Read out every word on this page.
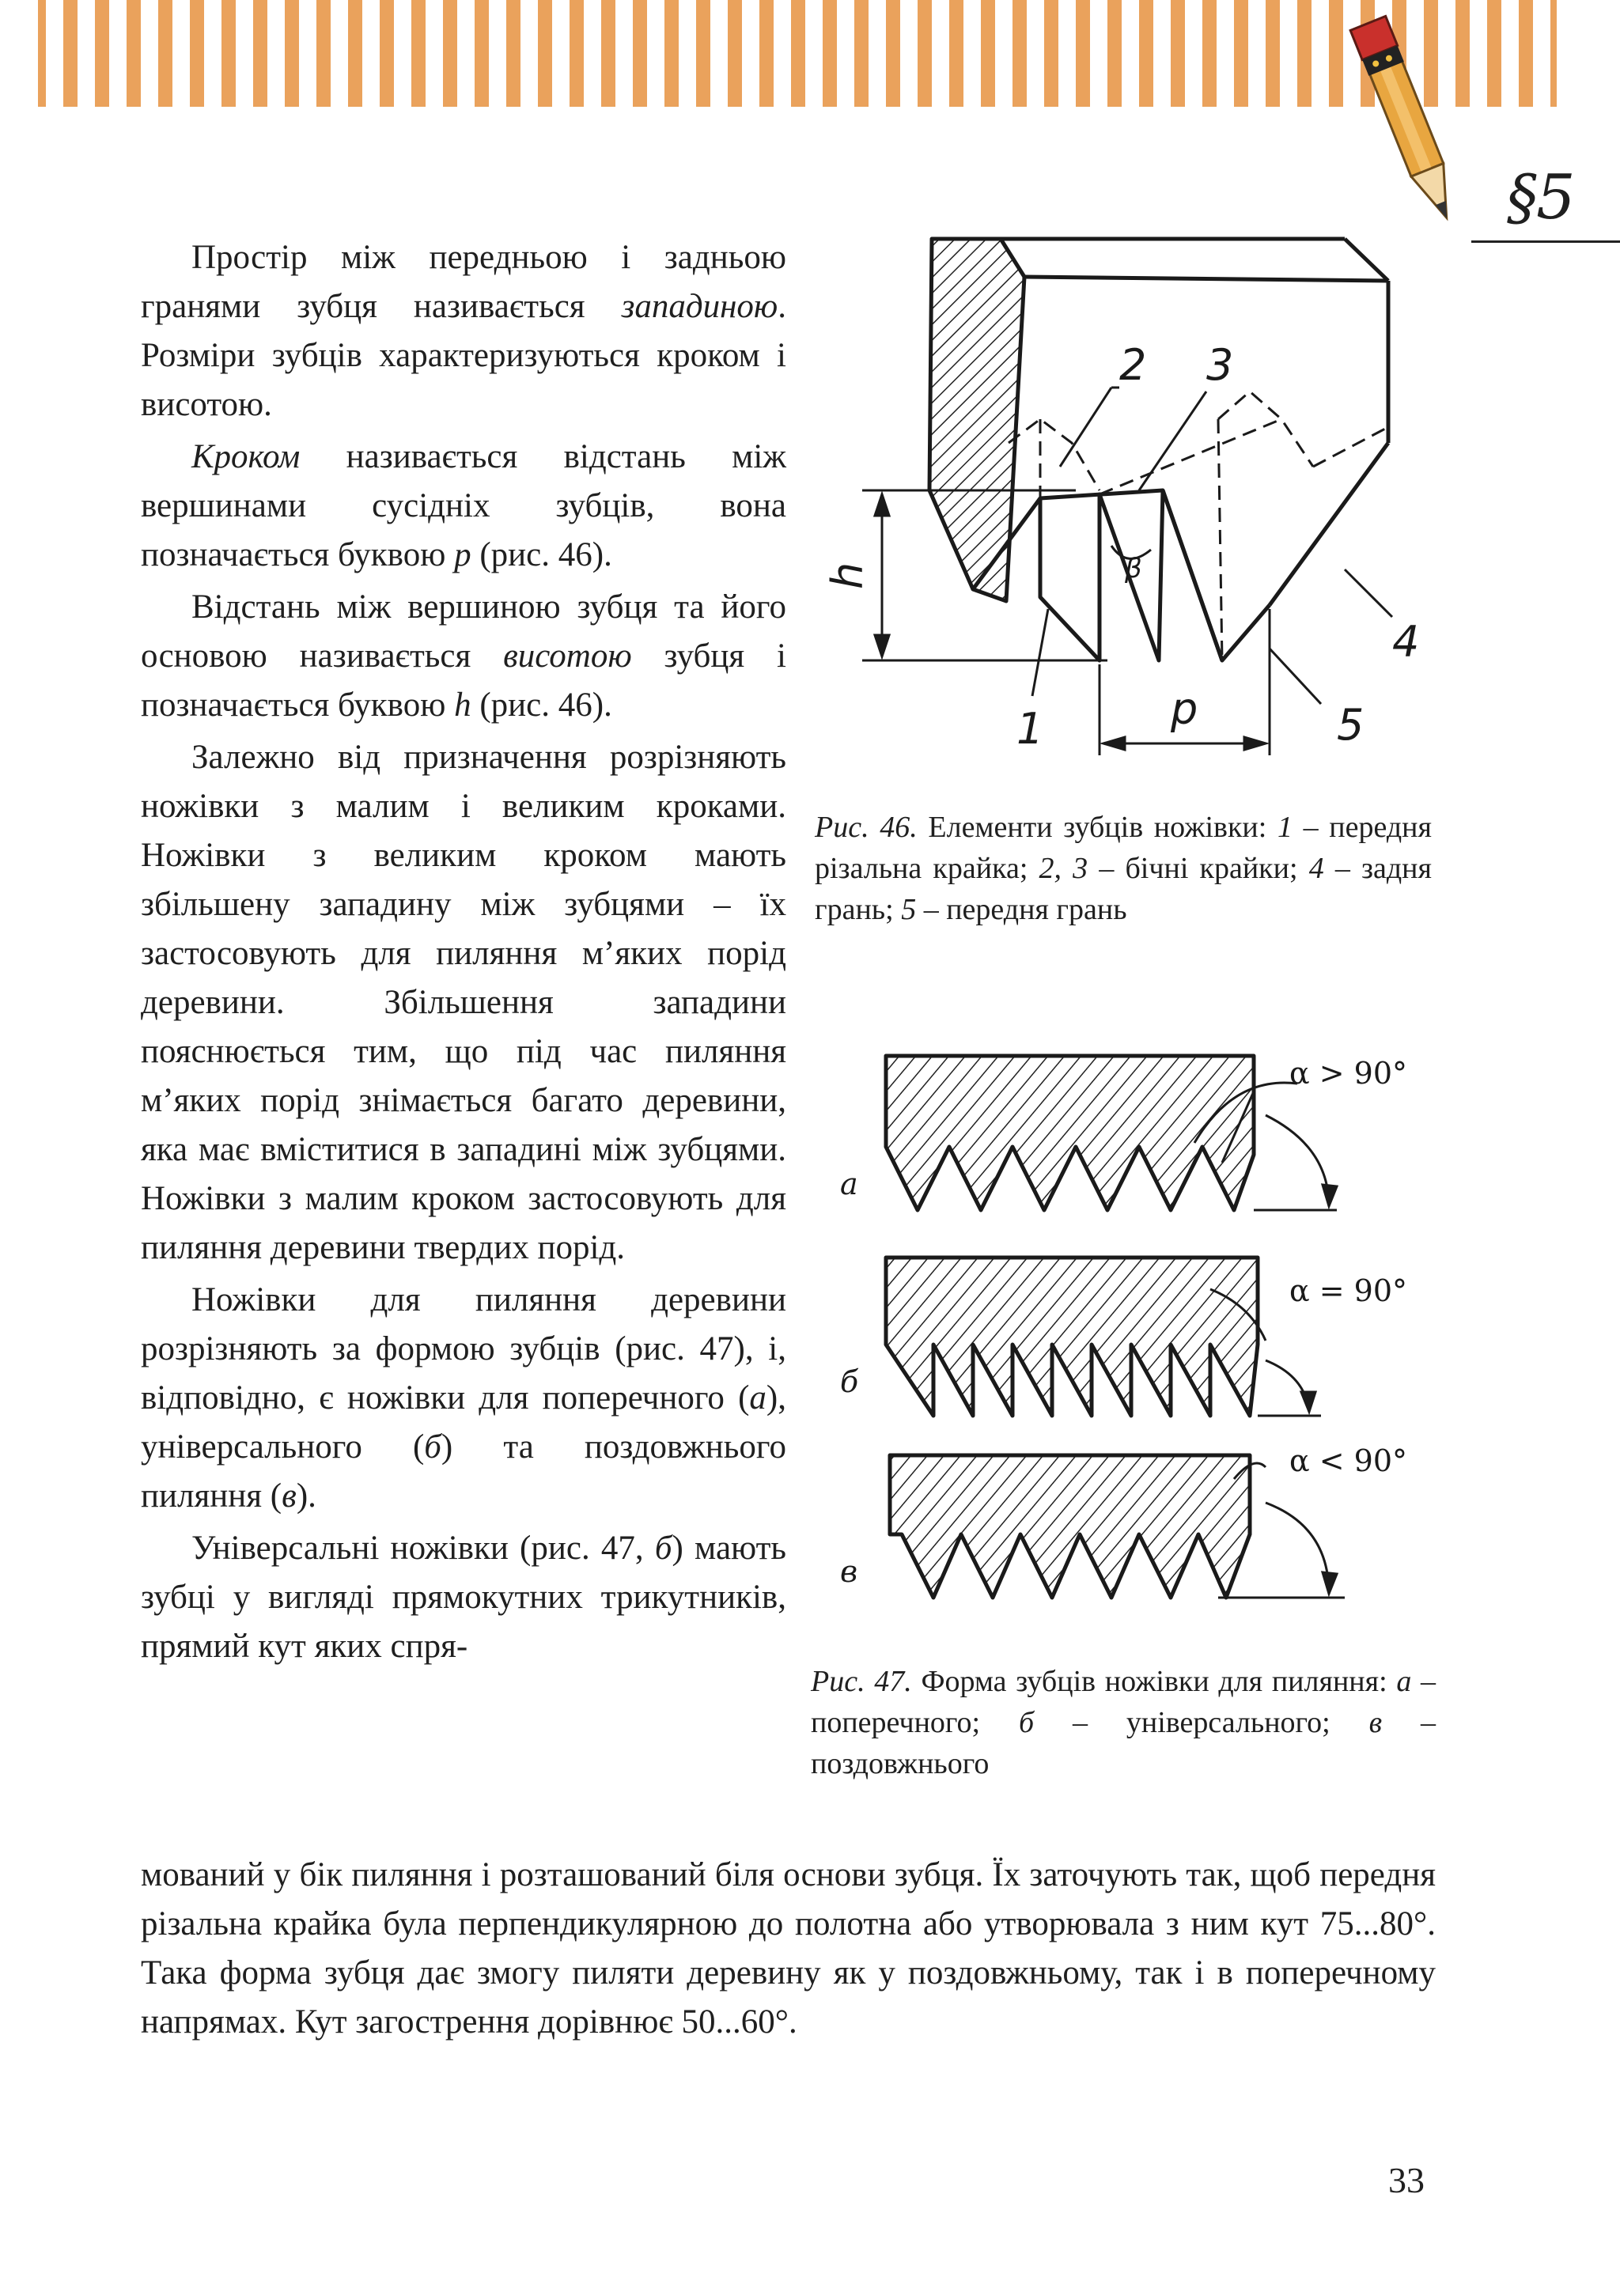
§5

Простір між передньою і задньою гранями зубця називається западиною. Розміри зубців характеризуються кроком і висотою.

Кроком називається відстань між вершинами сусідніх зубців, вона позначається буквою р (рис. 46).

Відстань між вершиною зубця та його основою називається висотою зубця і позначається буквою h (рис. 46).

Залежно від призначення розрізняють ножівки з малим і великим кроками. Ножівки з великим кроком мають збільшену западину між зубцями – їх застосовують для пиляння м’яких порід деревини. Збільшення западини пояснюється тим, що під час пиляння м’яких порід знімається багато деревини, яка має вміститися в западині між зубцями. Ножівки з малим кроком застосовують для пиляння деревини твердих порід.

Ножівки для пиляння деревини розрізняють за формою зубців (рис. 47), і, відповідно, є ножівки для поперечного (а), універсального (б) та поздовжнього пиляння (в).

Універсальні ножівки (рис. 47, б) мають зубці у вигляді прямокутних трикутників, прямий кут яких спря-

мований у бік пиляння і розташований біля основи зубця. Їх заточують так, щоб передня різальна крайка була перпендикулярною до полотна або утворювала з ним кут 75...80°. Така форма зубця дає змогу пиляти деревину як у поздовжньому, так і в поперечному напрямах. Кут загострення дорівнює 50...60°.

2 3
4
5
1
h
p
β
Рис. 46. Елементи зубців ножівки: 1 – передня різальна крайка; 2, 3 – бічні крайки; 4 – задня грань; 5 – передня грань
а
б
в
α > 90°
α = 90°
α < 90°
Рис. 47. Форма зубців ножівки для пиляння: а – поперечного; б – універсального; в – поздовжнього
33
